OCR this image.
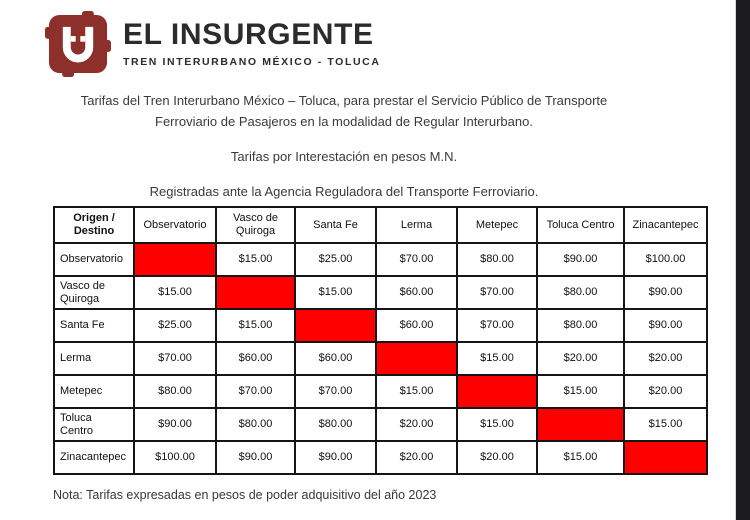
EL INSURGENTE
TREN INTERURBANO MÉXICO - TOLUCA

Tarifas del Tren Interurbano México – Toluca, para prestar el Servicio Público de Transporte Ferroviario de Pasajeros en la modalidad de Regular Interurbano.

Tarifas por Interestación en pesos M.N.

Registradas ante la Agencia Reguladora del Transporte Ferroviario.

Origen / Destino	Observatorio	Vasco de Quiroga	Santa Fe	Lerma	Metepec	Toluca Centro	Zinacantepec
Observatorio		$15.00	$25.00	$70.00	$80.00	$90.00	$100.00
Vasco de Quiroga	$15.00		$15.00	$60.00	$70.00	$80.00	$90.00
Santa Fe	$25.00	$15.00		$60.00	$70.00	$80.00	$90.00
Lerma	$70.00	$60.00	$60.00		$15.00	$20.00	$20.00
Metepec	$80.00	$70.00	$70.00	$15.00		$15.00	$20.00
Toluca Centro	$90.00	$80.00	$80.00	$20.00	$15.00		$15.00
Zinacantepec	$100.00	$90.00	$90.00	$20.00	$20.00	$15.00	
Nota: Tarifas expresadas en pesos de poder adquisitivo del año 2023
